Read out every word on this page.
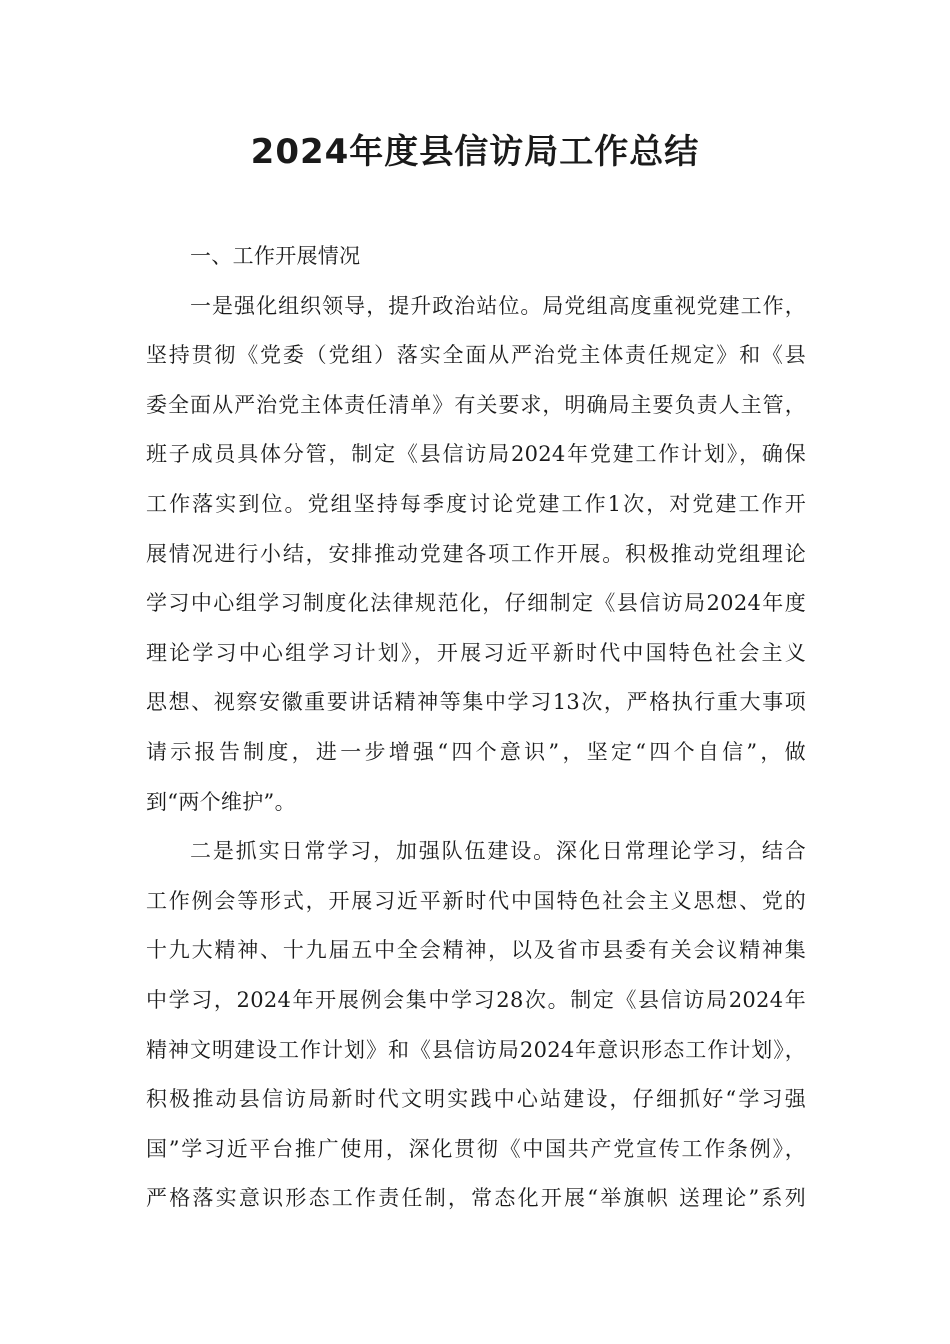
2024年度县信访局工作总结
一、工作开展情况
一是强化组织领导，提升政治站位。局党组高度重视党建工作，
坚持贯彻《党委（党组）落实全面从严治党主体责任规定》和《县
委全面从严治党主体责任清单》有关要求，明确局主要负责人主管，
班子成员具体分管，制定《县信访局2024年党建工作计划》，确保
工作落实到位。党组坚持每季度讨论党建工作1次，对党建工作开
展情况进行小结，安排推动党建各项工作开展。积极推动党组理论
学习中心组学习制度化法律规范化，仔细制定《县信访局2024年度
理论学习中心组学习计划》，开展习近平新时代中国特色社会主义
思想、视察安徽重要讲话精神等集中学习13次，严格执行重大事项
请示报告制度，进一步增强“四个意识”，坚定“四个自信”，做
到“两个维护”。
二是抓实日常学习，加强队伍建设。深化日常理论学习，结合
工作例会等形式，开展习近平新时代中国特色社会主义思想、党的
十九大精神、十九届五中全会精神，以及省市县委有关会议精神集
中学习，2024年开展例会集中学习28次。制定《县信访局2024年
精神文明建设工作计划》和《县信访局2024年意识形态工作计划》，
积极推动县信访局新时代文明实践中心站建设，仔细抓好“学习强
国”学习近平台推广使用，深化贯彻《中国共产党宣传工作条例》，
严格落实意识形态工作责任制，常态化开展“举旗帜 送理论”系列
